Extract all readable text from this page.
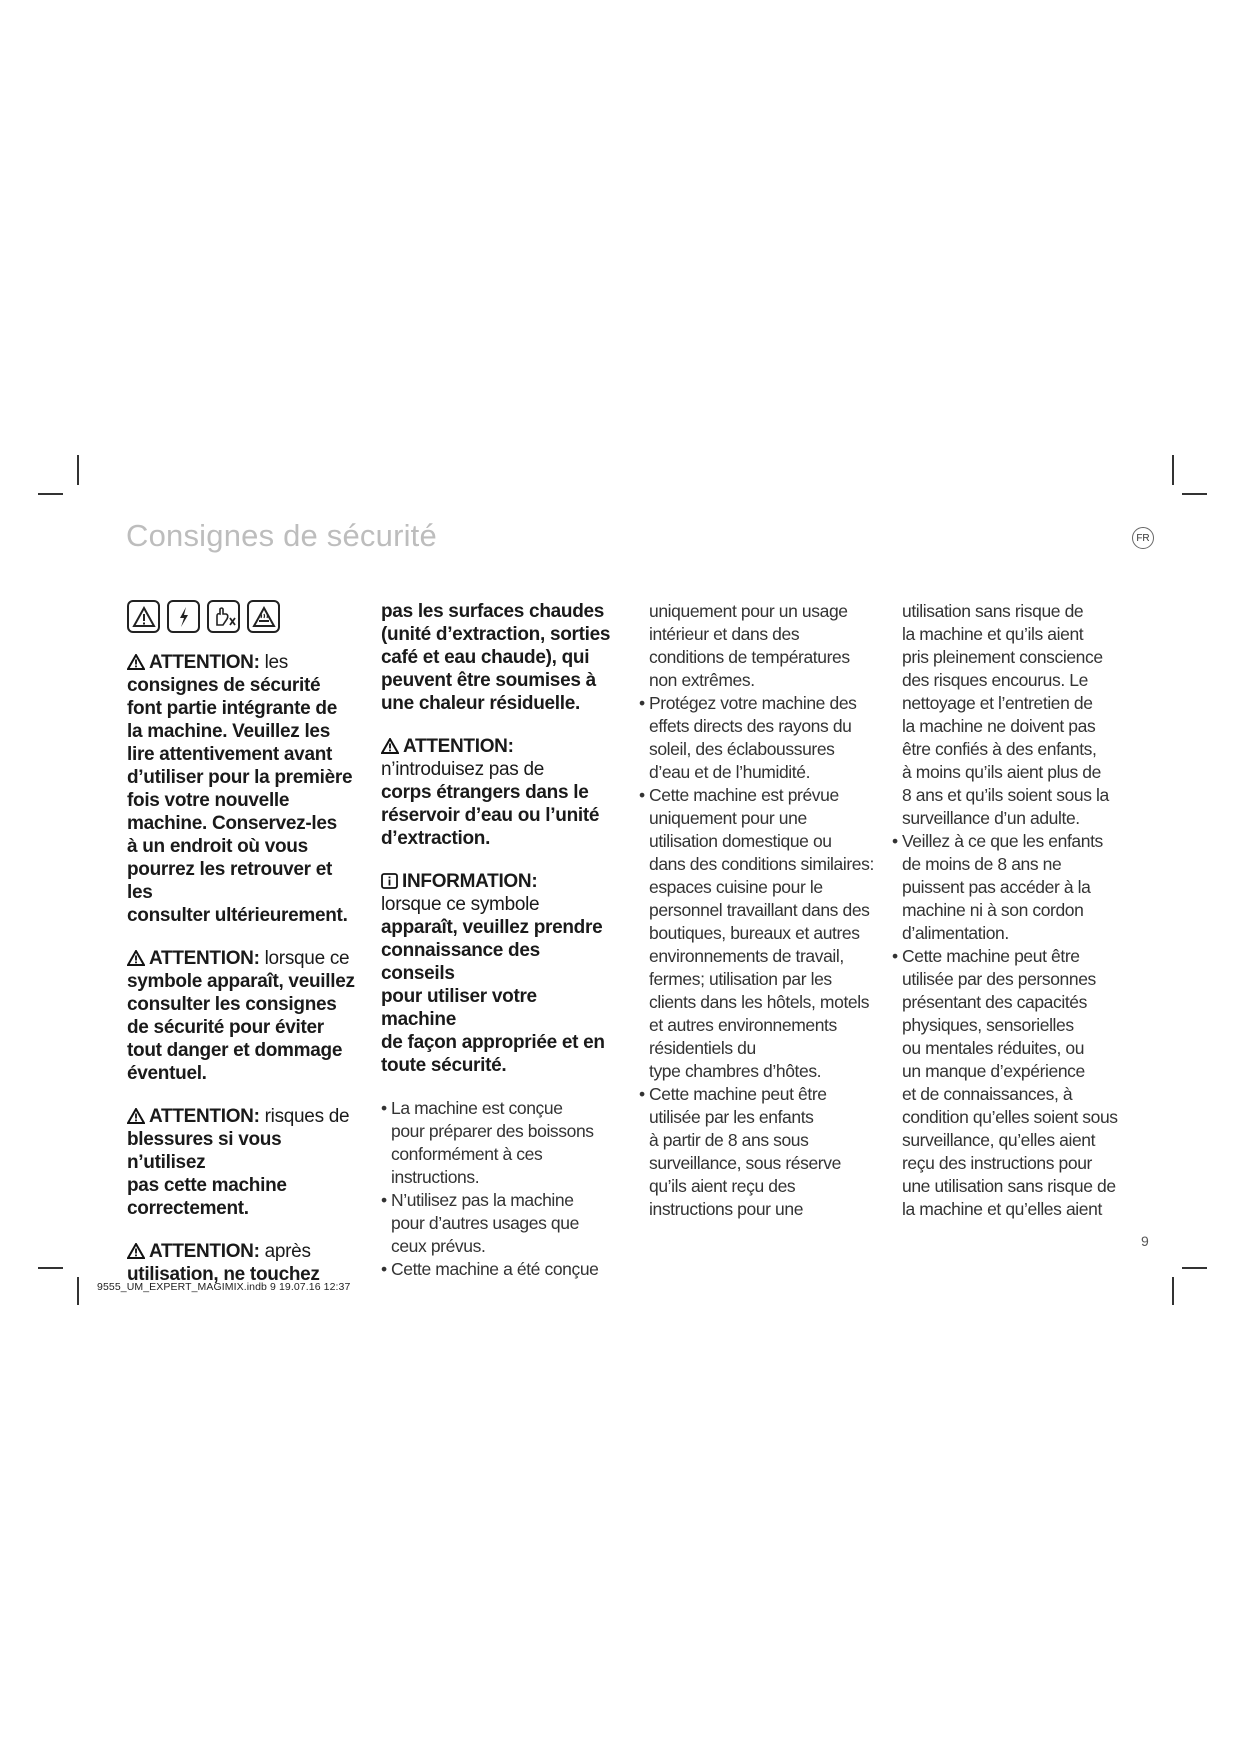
Consignes de sécurité	FR
ATTENTION: les
consignes de sécurité
font partie intégrante de
la machine. Veuillez les
lire attentivement avant
d’utiliser pour la première
fois votre nouvelle
machine. Conservez-les
à un endroit où vous
pourrez les retrouver et les
consulter ultérieurement.
ATTENTION: lorsque ce
symbole apparaît, veuillez
consulter les consignes
de sécurité pour éviter
tout danger et dommage
éventuel.
ATTENTION: risques de
blessures si vous n’utilisez
pas cette machine
correctement.
ATTENTION: après
utilisation, ne touchez
pas les surfaces chaudes
(unité d’extraction, sorties
café et eau chaude), qui
peuvent être soumises à
une chaleur résiduelle.
ATTENTION:
n’introduisez pas de
corps étrangers dans le
réservoir d’eau ou l’unité
d’extraction.
INFORMATION:
lorsque ce symbole
apparaît, veuillez prendre
connaissance des conseils
pour utiliser votre machine
de façon appropriée et en
toute sécurité.
• La machine est conçue
pour préparer des boissons
conformément à ces
instructions.
• N’utilisez pas la machine
pour d’autres usages que
ceux prévus.
• Cette machine a été conçue
uniquement pour un usage
intérieur et dans des
conditions de températures
non extrêmes.
• Protégez votre machine des
effets directs des rayons du
soleil, des éclaboussures
d’eau et de l’humidité.
• Cette machine est prévue
uniquement pour une
utilisation domestique ou
dans des conditions similaires:
espaces cuisine pour le
personnel travaillant dans des
boutiques, bureaux et autres
environnements de travail,
fermes; utilisation par les
clients dans les hôtels, motels
et autres environnements
résidentiels du
type chambres d’hôtes.
• Cette machine peut être
utilisée par les enfants
à partir de 8 ans sous
surveillance, sous réserve
qu’ils aient reçu des
instructions pour une
utilisation sans risque de
la machine et qu’ils aient
pris pleinement conscience
des risques encourus. Le
nettoyage et l’entretien de
la machine ne doivent pas
être confiés à des enfants,
à moins qu’ils aient plus de
8 ans et qu’ils soient sous la
surveillance d’un adulte.
• Veillez à ce que les enfants
de moins de 8 ans ne
puissent pas accéder à la
machine ni à son cordon
d’alimentation.
• Cette machine peut être
utilisée par des personnes
présentant des capacités
physiques, sensorielles
ou mentales réduites, ou
un manque d’expérience
et de connaissances, à
condition qu’elles soient sous
surveillance, qu’elles aient
reçu des instructions pour
une utilisation sans risque de
la machine et qu’elles aient
9
9555_UM_EXPERT_MAGIMIX.indb 9 19.07.16 12:37
